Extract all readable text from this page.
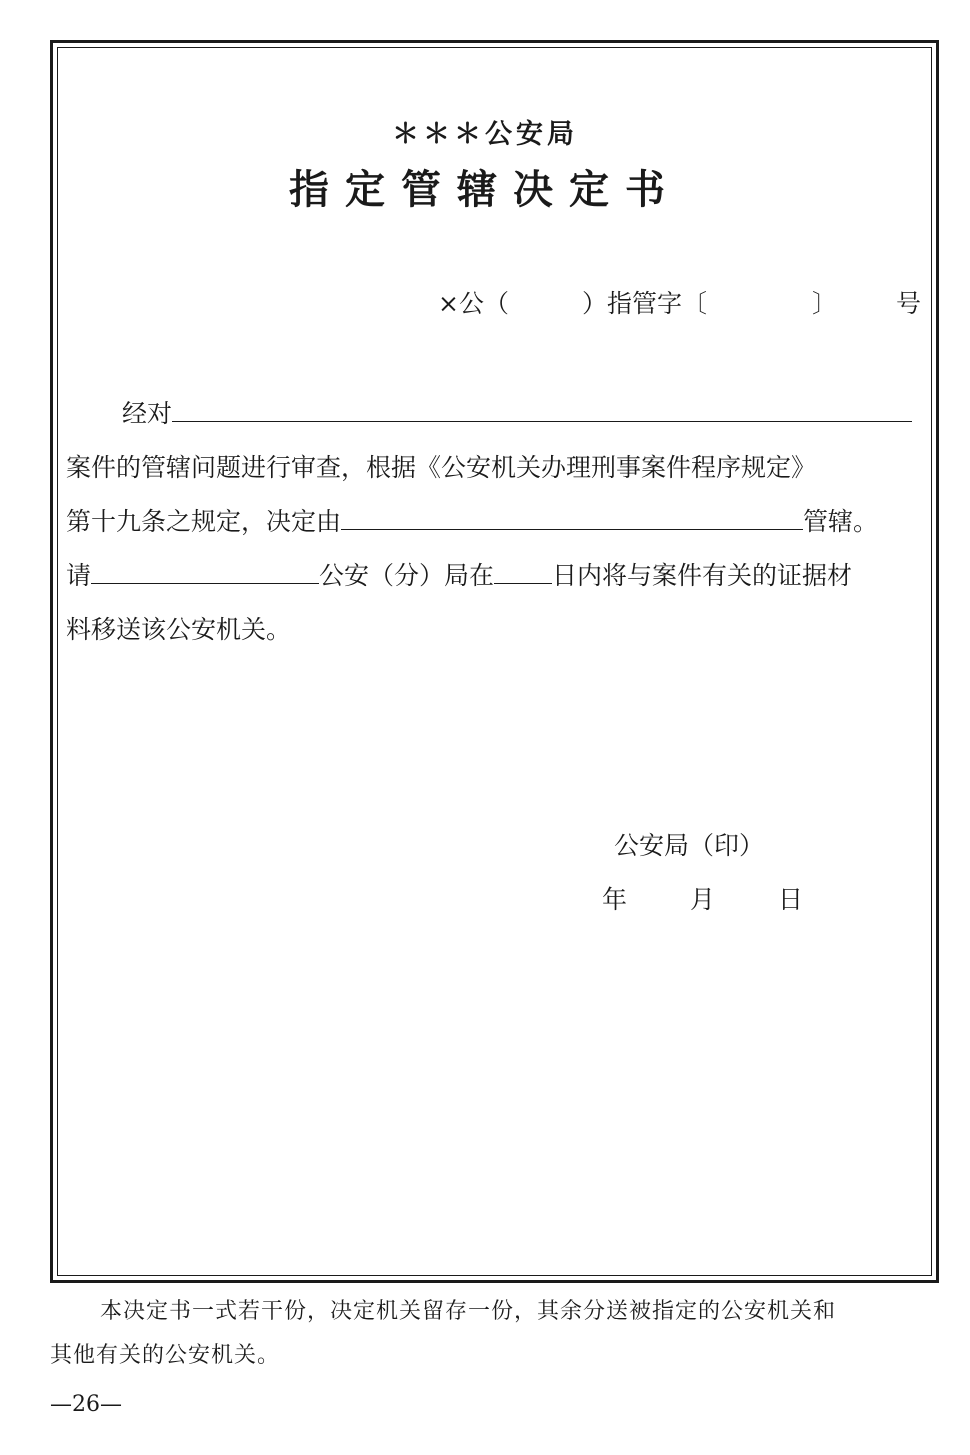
＊＊＊公安局
指定管辖决定书
×公（	）指管字〔	〕 号
经对
案件的管辖问题进行审查，根据《公安机关办理刑事案件程序规定》
第十九条之规定，决定由	管辖。
请	公安（分）局在 日内将与案件有关的证据材
料移送该公安机关。
公安局（印）
年	月	日
本决定书一式若干份，决定机关留存一份，其余分送被指定的公安机关和
其他有关的公安机关。
—26—
